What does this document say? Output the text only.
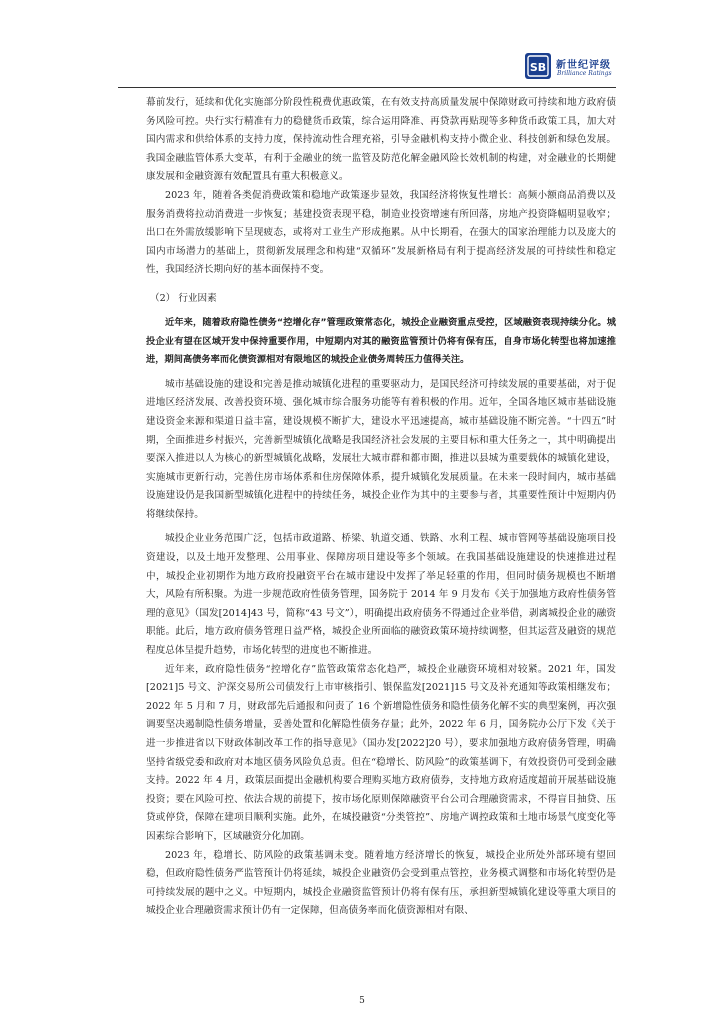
SB 新世纪评级
Brilliance Ratings

幕前发行，延续和优化实施部分阶段性税费优惠政策，在有效支持高质量发展中保障财政可持续和地方政府债务风险可控。央行实行精准有力的稳健货币政策，综合运用降准、再贷款再贴现等多种货币政策工具，加大对国内需求和供给体系的支持力度，保持流动性合理充裕，引导金融机构支持小微企业、科技创新和绿色发展。我国金融监管体系大变革，有利于金融业的统一监管及防范化解金融风险长效机制的构建，对金融业的长期健康发展和金融资源有效配置具有重大积极意义。

2023 年，随着各类促消费政策和稳地产政策逐步显效，我国经济将恢复性增长：高频小额商品消费以及服务消费将拉动消费进一步恢复；基建投资表现平稳，制造业投资增速有所回落，房地产投资降幅明显收窄；出口在外需放缓影响下呈现疲态，或将对工业生产形成拖累。从中长期看，在强大的国家治理能力以及庞大的国内市场潜力的基础上，贯彻新发展理念和构建“双循环”发展新格局有利于提高经济发展的可持续性和稳定性，我国经济长期向好的基本面保持不变。

（2） 行业因素

近年来，随着政府隐性债务“控增化存”管理政策常态化，城投企业融资重点受控，区域融资表现持续分化。城投企业有望在区域开发中保持重要作用，中短期内对其的融资监管预计仍将有保有压，自身市场化转型也将加速推进，期间高债务率而化债资源相对有限地区的城投企业债务周转压力值得关注。

城市基础设施的建设和完善是推动城镇化进程的重要驱动力，是国民经济可持续发展的重要基础，对于促进地区经济发展、改善投资环境、强化城市综合服务功能等有着积极的作用。近年，全国各地区城市基础设施建设资金来源和渠道日益丰富，建设规模不断扩大，建设水平迅速提高，城市基础设施不断完善。“十四五”时期，全面推进乡村振兴，完善新型城镇化战略是我国经济社会发展的主要目标和重大任务之一，其中明确提出要深入推进以人为核心的新型城镇化战略，发展壮大城市群和都市圈，推进以县城为重要载体的城镇化建设，实施城市更新行动，完善住房市场体系和住房保障体系，提升城镇化发展质量。在未来一段时间内，城市基础设施建设仍是我国新型城镇化进程中的持续任务，城投企业作为其中的主要参与者，其重要性预计中短期内仍将继续保持。

城投企业业务范围广泛，包括市政道路、桥梁、轨道交通、铁路、水利工程、城市管网等基础设施项目投资建设，以及土地开发整理、公用事业、保障房项目建设等多个领域。在我国基础设施建设的快速推进过程中，城投企业初期作为地方政府投融资平台在城市建设中发挥了举足轻重的作用，但同时债务规模也不断增大，风险有所积聚。为进一步规范政府性债务管理，国务院于 2014 年 9 月发布《关于加强地方政府性债务管理的意见》（国发[2014]43 号，简称“43 号文”），明确提出政府债务不得通过企业举借，剥离城投企业的融资职能。此后，地方政府债务管理日益严格，城投企业所面临的融资政策环境持续调整，但其运营及融资的规范程度总体呈提升趋势，市场化转型的进度也不断推进。

近年来，政府隐性债务“控增化存”监管政策常态化趋严，城投企业融资环境相对较紧。2021 年，国发[2021]5 号文、沪深交易所公司债发行上市审核指引、银保监发[2021]15 号文及补充通知等政策相继发布；2022 年 5 月和 7 月，财政部先后通报和问责了 16 个新增隐性债务和隐性债务化解不实的典型案例，再次强调要坚决遏制隐性债务增量，妥善处置和化解隐性债务存量；此外，2022 年 6 月，国务院办公厅下发《关于进一步推进省以下财政体制改革工作的指导意见》（国办发[2022]20 号），要求加强地方政府债务管理，明确坚持省级党委和政府对本地区债务风险负总责。但在“稳增长、防风险”的政策基调下，有效投资仍可受到金融支持。2022 年 4 月，政策层面提出金融机构要合理购买地方政府债券，支持地方政府适度超前开展基础设施投资；要在风险可控、依法合规的前提下，按市场化原则保障融资平台公司合理融资需求，不得盲目抽贷、压贷或停贷，保障在建项目顺利实施。此外，在城投融资“分类管控”、房地产调控政策和土地市场景气度变化等因素综合影响下，区域融资分化加剧。

2023 年，稳增长、防风险的政策基调未变。随着地方经济增长的恢复，城投企业所处外部环境有望回稳，但政府隐性债务严监管预计仍将延续，城投企业融资仍会受到重点管控，业务模式调整和市场化转型仍是可持续发展的题中之义。中短期内，城投企业融资监管预计仍将有保有压，承担新型城镇化建设等重大项目的城投企业合理融资需求预计仍有一定保障，但高债务率而化债资源相对有限、

5
